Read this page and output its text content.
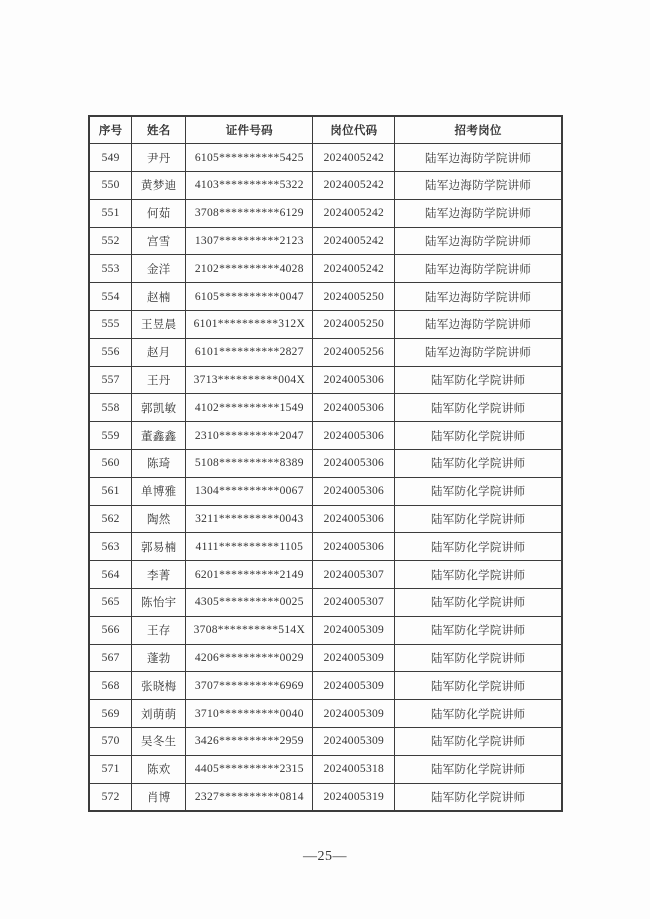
序号	姓名	证件号码	岗位代码	招考岗位
549	尹丹	6105**********5425	2024005242	陆军边海防学院讲师
550	黄梦迪	4103**********5322	2024005242	陆军边海防学院讲师
551	何茹	3708**********6129	2024005242	陆军边海防学院讲师
552	宫雪	1307**********2123	2024005242	陆军边海防学院讲师
553	金洋	2102**********4028	2024005242	陆军边海防学院讲师
554	赵楠	6105**********0047	2024005250	陆军边海防学院讲师
555	王昱晨	6101**********312X	2024005250	陆军边海防学院讲师
556	赵月	6101**********2827	2024005256	陆军边海防学院讲师
557	王丹	3713**********004X	2024005306	陆军防化学院讲师
558	郭凯敏	4102**********1549	2024005306	陆军防化学院讲师
559	董鑫鑫	2310**********2047	2024005306	陆军防化学院讲师
560	陈琦	5108**********8389	2024005306	陆军防化学院讲师
561	单博雅	1304**********0067	2024005306	陆军防化学院讲师
562	陶然	3211**********0043	2024005306	陆军防化学院讲师
563	郭易楠	4111**********1105	2024005306	陆军防化学院讲师
564	李菁	6201**********2149	2024005307	陆军防化学院讲师
565	陈怡宇	4305**********0025	2024005307	陆军防化学院讲师
566	王存	3708**********514X	2024005309	陆军防化学院讲师
567	蓬勃	4206**********0029	2024005309	陆军防化学院讲师
568	张晓梅	3707**********6969	2024005309	陆军防化学院讲师
569	刘萌萌	3710**********0040	2024005309	陆军防化学院讲师
570	吴冬生	3426**********2959	2024005309	陆军防化学院讲师
571	陈欢	4405**********2315	2024005318	陆军防化学院讲师
572	肖博	2327**********0814	2024005319	陆军防化学院讲师
—25—
